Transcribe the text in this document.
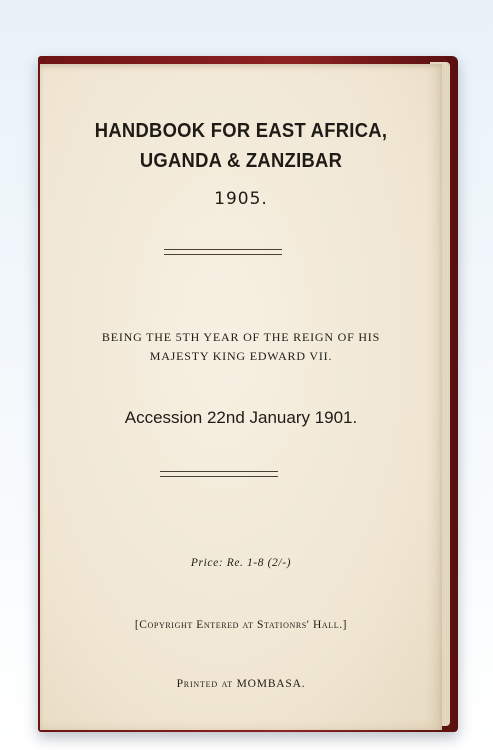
HANDBOOK FOR EAST AFRICA,
UGANDA & ZANZIBAR
1905.
BEING THE 5TH YEAR OF THE REIGN OF HIS
MAJESTY KING EDWARD VII.
Accession 22nd January 1901.
Price: Re. 1-8 (2/-)
[Copyright Entered at Stationrs' Hall.]
Printed at MOMBASA.
